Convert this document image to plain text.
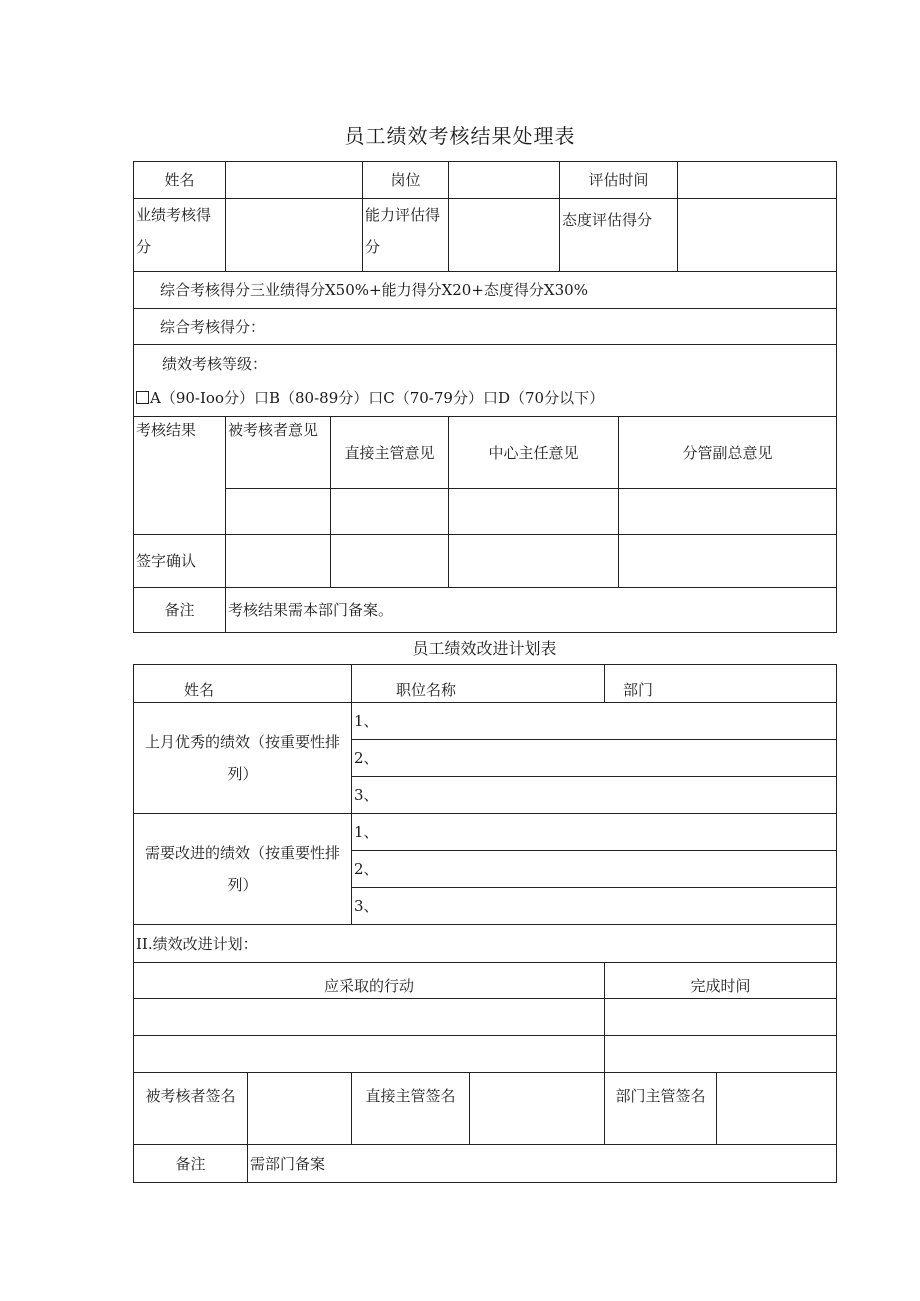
员工绩效考核结果处理表
姓名			岗位		评估时间		
业绩考核得分			能力评估得分		态度评估得分		
综合考核得分三业绩得分X50%+能力得分X20+态度得分X30%							
综合考核得分：							

绩效考核等级：
A（90-Ioo分）口B（80-89分）口C（70-79分）口D（70分以下）							

考核结果	被考核者意见	直接主管意见		中心主任意见		分管副总意见	

签字确认							
备注	考核结果需本部门备案。						
员工绩效改进计划表
姓名		职位名称		部门	
上月优秀的绩效（按重要性排列）		1、			
		2、			
		3、			
需要改进的绩效（按重要性排列）		1、			
		2、			
		3、			
II.绩效改进计划：					
应采取的行动				完成时间	

被考核者签名		直接主管签名		部门主管签名	
备注	需部门备案				
